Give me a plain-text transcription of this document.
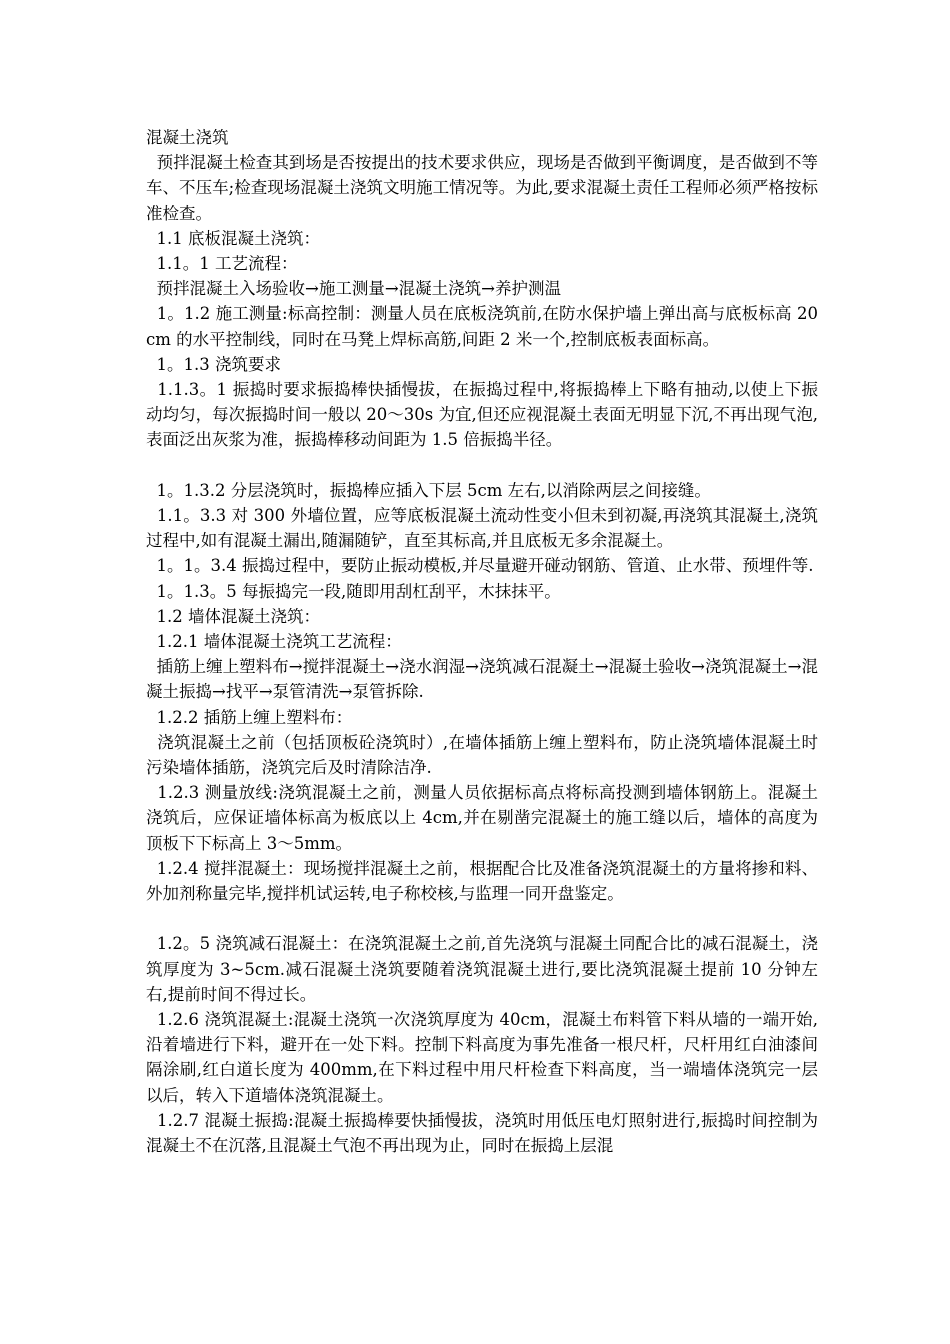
混凝土浇筑

预拌混凝土检查其到场是否按提出的技术要求供应，现场是否做到平衡调度，是否做到不等车、不压车;检查现场混凝土浇筑文明施工情况等。为此,要求混凝土责任工程师必须严格按标准检查。

1.1 底板混凝土浇筑：

1.1。1 工艺流程：

预拌混凝土入场验收→施工测量→混凝土浇筑→养护测温

1。1.2 施工测量:标高控制：测量人员在底板浇筑前,在防水保护墙上弹出高与底板标高 20cm 的水平控制线，同时在马凳上焊标高筋,间距 2 米一个,控制底板表面标高。

1。1.3 浇筑要求

1.1.3。1 振捣时要求振捣棒快插慢拔，在振捣过程中,将振捣棒上下略有抽动,以使上下振动均匀，每次振捣时间一般以 20～30s 为宜,但还应视混凝土表面无明显下沉,不再出现气泡,表面泛出灰浆为准，振捣棒移动间距为 1.5 倍振捣半径。

1。1.3.2 分层浇筑时，振捣棒应插入下层 5cm 左右,以消除两层之间接缝。

1.1。3.3 对 300 外墙位置，应等底板混凝土流动性变小但未到初凝,再浇筑其混凝土,浇筑过程中,如有混凝土漏出,随漏随铲，直至其标高,并且底板无多余混凝土。

1。1。3.4 振捣过程中，要防止振动模板,并尽量避开碰动钢筋、管道、止水带、预埋件等.

1。1.3。5 每振捣完一段,随即用刮杠刮平，木抹抹平。

1.2 墙体混凝土浇筑：

1.2.1 墙体混凝土浇筑工艺流程：

插筋上缠上塑料布→搅拌混凝土→浇水润湿→浇筑减石混凝土→混凝土验收→浇筑混凝土→混凝土振捣→找平→泵管清洗→泵管拆除.

1.2.2 插筋上缠上塑料布：

浇筑混凝土之前（包括顶板砼浇筑时）,在墙体插筋上缠上塑料布，防止浇筑墙体混凝土时污染墙体插筋，浇筑完后及时清除洁净.

1.2.3 测量放线:浇筑混凝土之前，测量人员依据标高点将标高投测到墙体钢筋上。混凝土浇筑后，应保证墙体标高为板底以上 4cm,并在剔凿完混凝土的施工缝以后，墙体的高度为顶板下下标高上 3～5mm。

1.2.4 搅拌混凝土：现场搅拌混凝土之前，根据配合比及准备浇筑混凝土的方量将掺和料、外加剂称量完毕,搅拌机试运转,电子称校核,与监理一同开盘鉴定。

1.2。5 浇筑减石混凝土：在浇筑混凝土之前,首先浇筑与混凝土同配合比的减石混凝土，浇筑厚度为 3~5cm.减石混凝土浇筑要随着浇筑混凝土进行,要比浇筑混凝土提前 10 分钟左右,提前时间不得过长。

1.2.6 浇筑混凝土:混凝土浇筑一次浇筑厚度为 40cm，混凝土布料管下料从墙的一端开始,沿着墙进行下料，避开在一处下料。控制下料高度为事先准备一根尺杆，尺杆用红白油漆间隔涂刷,红白道长度为 400mm,在下料过程中用尺杆检查下料高度，当一端墙体浇筑完一层以后，转入下道墙体浇筑混凝土。

1.2.7 混凝土振捣:混凝土振捣棒要快插慢拔，浇筑时用低压电灯照射进行,振捣时间控制为混凝土不在沉落,且混凝土气泡不再出现为止，同时在振捣上层混
